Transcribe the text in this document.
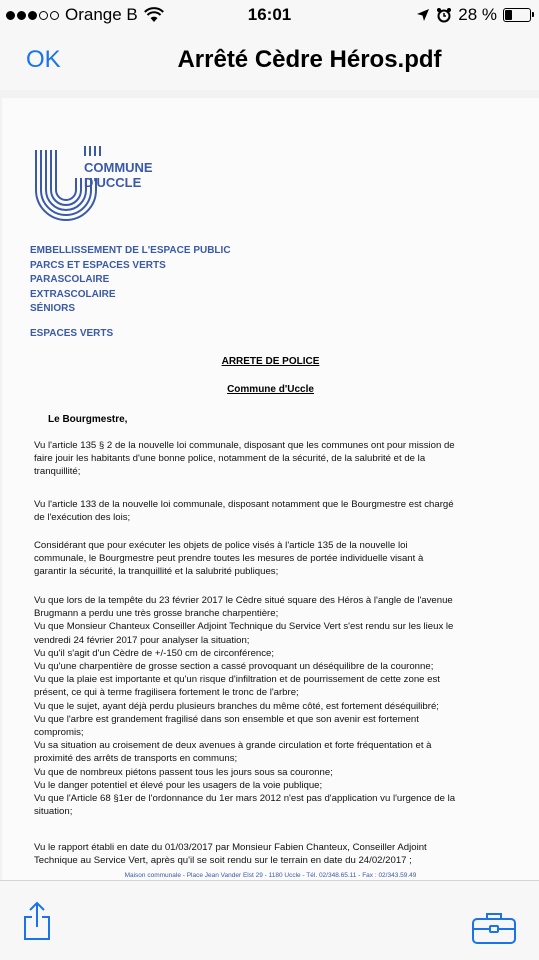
Orange B	16:01	28 %
OK	Arrêté Cèdre Héros.pdf
COMMUNE
D'UCCLE
EMBELLISSEMENT DE L'ESPACE PUBLIC
PARCS ET ESPACES VERTS
PARASCOLAIRE
EXTRASCOLAIRE
SÉNIORS
ESPACES VERTS
ARRETE DE POLICE
Commune d'Uccle
Le Bourgmestre,
Vu l'article 135 § 2 de la nouvelle loi communale, disposant que les communes ont pour mission de
faire jouir les habitants d'une bonne police, notamment de la sécurité, de la salubrité et de la
tranquillité;
Vu l'article 133 de la nouvelle loi communale, disposant notamment que le Bourgmestre est chargé
de l'exécution des lois;
Considérant que pour exécuter les objets de police visés à l'article 135 de la nouvelle loi
communale, le Bourgmestre peut prendre toutes les mesures de portée individuelle visant à
garantir la sécurité, la tranquillité et la salubrité publiques;
Vu que lors de la tempête du 23 février 2017 le Cèdre situé square des Héros à l'angle de l'avenue
Brugmann a perdu une très grosse branche charpentière;
Vu que Monsieur Chanteux Conseiller Adjoint Technique du Service Vert s'est rendu sur les lieux le
vendredi 24 février 2017 pour analyser la situation;
Vu qu'il s'agit d'un Cèdre de +/-150 cm de circonférence;
Vu qu'une charpentière de grosse section a cassé provoquant un déséquilibre de la couronne;
Vu que la plaie est importante et qu'un risque d'infiltration et de pourrissement de cette zone est
présent, ce qui à terme fragilisera fortement le tronc de l'arbre;
Vu que le sujet, ayant déjà perdu plusieurs branches du même côté, est fortement déséquilibré;
Vu que l'arbre est grandement fragilisé dans son ensemble et que son avenir est fortement
compromis;
Vu sa situation au croisement de deux avenues à grande circulation et forte fréquentation et à
proximité des arrêts de transports en communs;
Vu que de nombreux piétons passent tous les jours sous sa couronne;
Vu le danger potentiel et élevé pour les usagers de la voie publique;
Vu que l'Article 68 §1er de l'ordonnance du 1er mars 2012 n'est pas d'application vu l'urgence de la
situation;
Vu le rapport établi en date du 01/03/2017 par Monsieur Fabien Chanteux, Conseiller Adjoint
Technique au Service Vert, après qu'il se soit rendu sur le terrain en date du 24/02/2017 ;
Maison communale - Place Jean Vander Elst 29 - 1180 Uccle - Tél. 02/348.65.11 - Fax : 02/343.59.49
